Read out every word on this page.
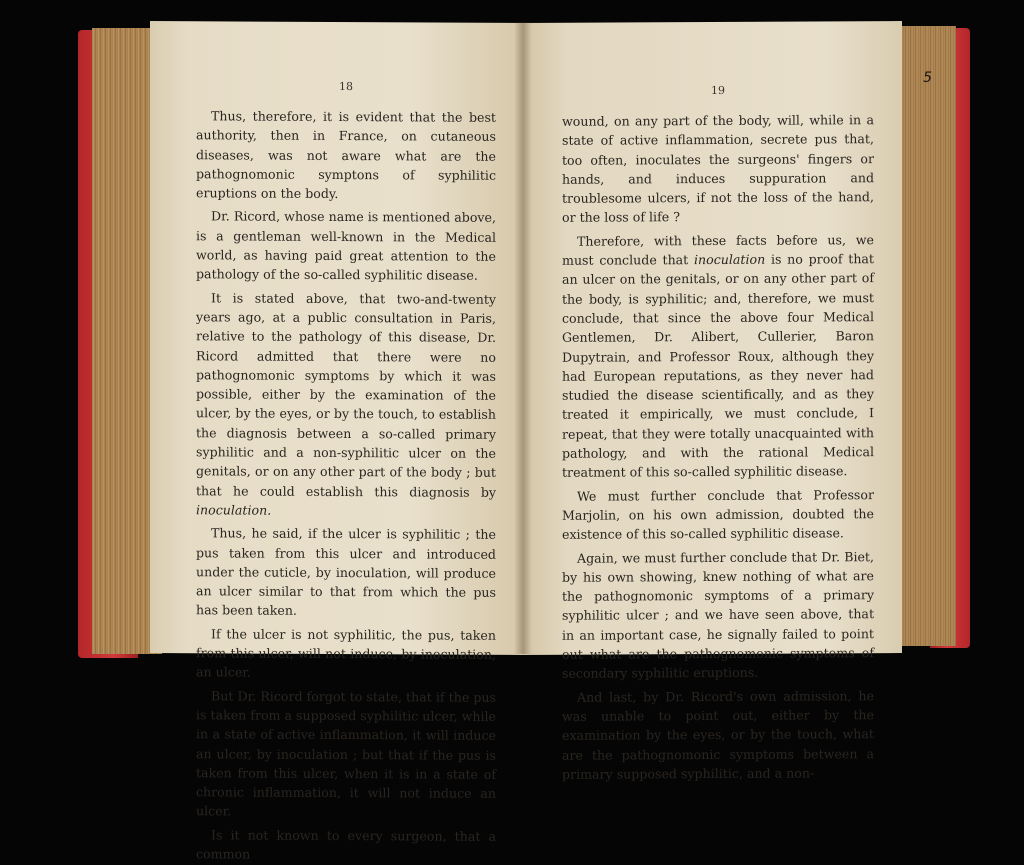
18

Thus, therefore, it is evident that the best authority, then in France, on cutaneous diseases, was not aware what are the pathognomonic symptons of syphilitic eruptions on the body.

Dr. Ricord, whose name is mentioned above, is a gentleman well-known in the Medical world, as having paid great attention to the pathology of the so-called syphilitic disease.

It is stated above, that two-and-twenty years ago, at a public consultation in Paris, relative to the pathology of this disease, Dr. Ricord admitted that there were no pathognomonic symptoms by which it was possible, either by the examination of the ulcer, by the eyes, or by the touch, to establish the diagnosis between a so-called primary syphilitic and a non-syphilitic ulcer on the genitals, or on any other part of the body ; but that he could establish this diagnosis by inoculation.

Thus, he said, if the ulcer is syphilitic ; the pus taken from this ulcer and introduced under the cuticle, by inoculation, will produce an ulcer similar to that from which the pus has been taken.

If the ulcer is not syphilitic, the pus, taken from this ulcer, will not induce, by inoculation, an ulcer.

But Dr. Ricord forgot to state, that if the pus is taken from a supposed syphilitic ulcer, while in a state of active inflammation, it will induce an ulcer, by inoculation ; but that if the pus is taken from this ulcer, when it is in a state of chronic inflammation, it will not induce an ulcer.

Is it not known to every surgeon, that a common

19

wound, on any part of the body, will, while in a state of active inflammation, secrete pus that, too often, inoculates the surgeons' fingers or hands, and induces suppuration and troublesome ulcers, if not the loss of the hand, or the loss of life ?

Therefore, with these facts before us, we must conclude that inoculation is no proof that an ulcer on the genitals, or on any other part of the body, is syphilitic; and, therefore, we must conclude, that since the above four Medical Gentlemen, Dr. Alibert, Cullerier, Baron Dupytrain, and Professor Roux, although they had European reputations, as they never had studied the disease scientifically, and as they treated it empirically, we must conclude, I repeat, that they were totally unacquainted with pathology, and with the rational Medical treatment of this so-called syphilitic disease.

We must further conclude that Professor Marjolin, on his own admission, doubted the existence of this so-called syphilitic disease.

Again, we must further conclude that Dr. Biet, by his own showing, knew nothing of what are the pathognomonic symptoms of a primary syphilitic ulcer ; and we have seen above, that in an important case, he signally failed to point out what are the pathognomonic symptoms of secondary syphilitic eruptions.

And last, by Dr. Ricord's own admission, he was unable to point out, either by the examination by the eyes, or by the touch, what are the pathognomonic symptoms between a primary supposed syphilitic, and a non-

5
